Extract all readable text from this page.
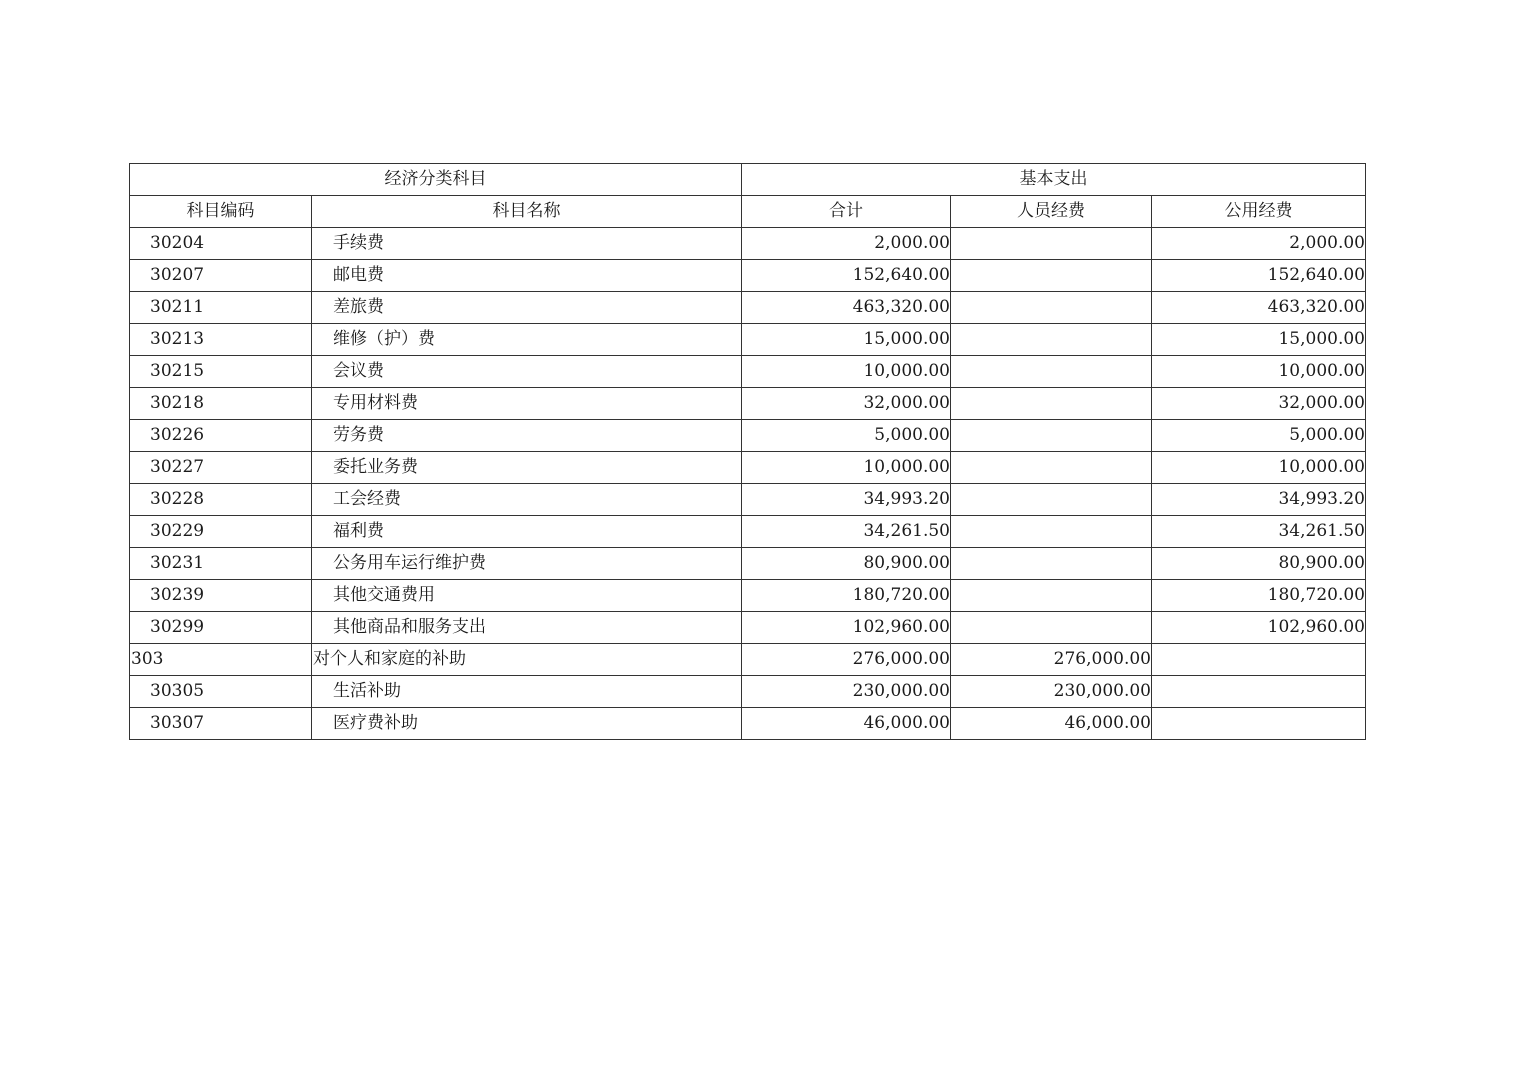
经济分类科目		基本支出		
科目编码	科目名称	合计	人员经费	公用经费
30204	手续费	2,000.00		2,000.00
30207	邮电费	152,640.00		152,640.00
30211	差旅费	463,320.00		463,320.00
30213	维修（护）费	15,000.00		15,000.00
30215	会议费	10,000.00		10,000.00
30218	专用材料费	32,000.00		32,000.00
30226	劳务费	5,000.00		5,000.00
30227	委托业务费	10,000.00		10,000.00
30228	工会经费	34,993.20		34,993.20
30229	福利费	34,261.50		34,261.50
30231	公务用车运行维护费	80,900.00		80,900.00
30239	其他交通费用	180,720.00		180,720.00
30299	其他商品和服务支出	102,960.00		102,960.00
303	对个人和家庭的补助	276,000.00	276,000.00	
30305	生活补助	230,000.00	230,000.00	
30307	医疗费补助	46,000.00	46,000.00	
